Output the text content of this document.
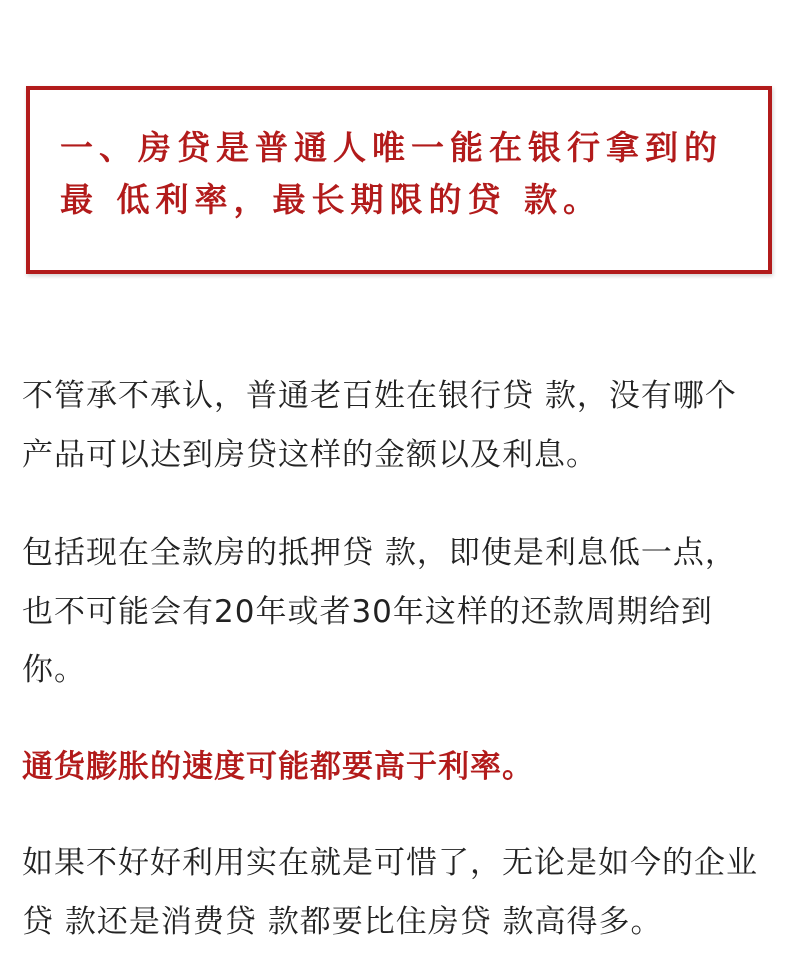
一、房贷是普通人唯一能在银行拿到的
最 低利率，最长期限的贷 款。
不管承不承认，普通老百姓在银行贷 款，没有哪个
产品可以达到房贷这样的金额以及利息。
包括现在全款房的抵押贷 款，即使是利息低一点，
也不可能会有20年或者30年这样的还款周期给到
你。
通货膨胀的速度可能都要高于利率。
如果不好好利用实在就是可惜了，无论是如今的企业
贷 款还是消费贷 款都要比住房贷 款高得多。
